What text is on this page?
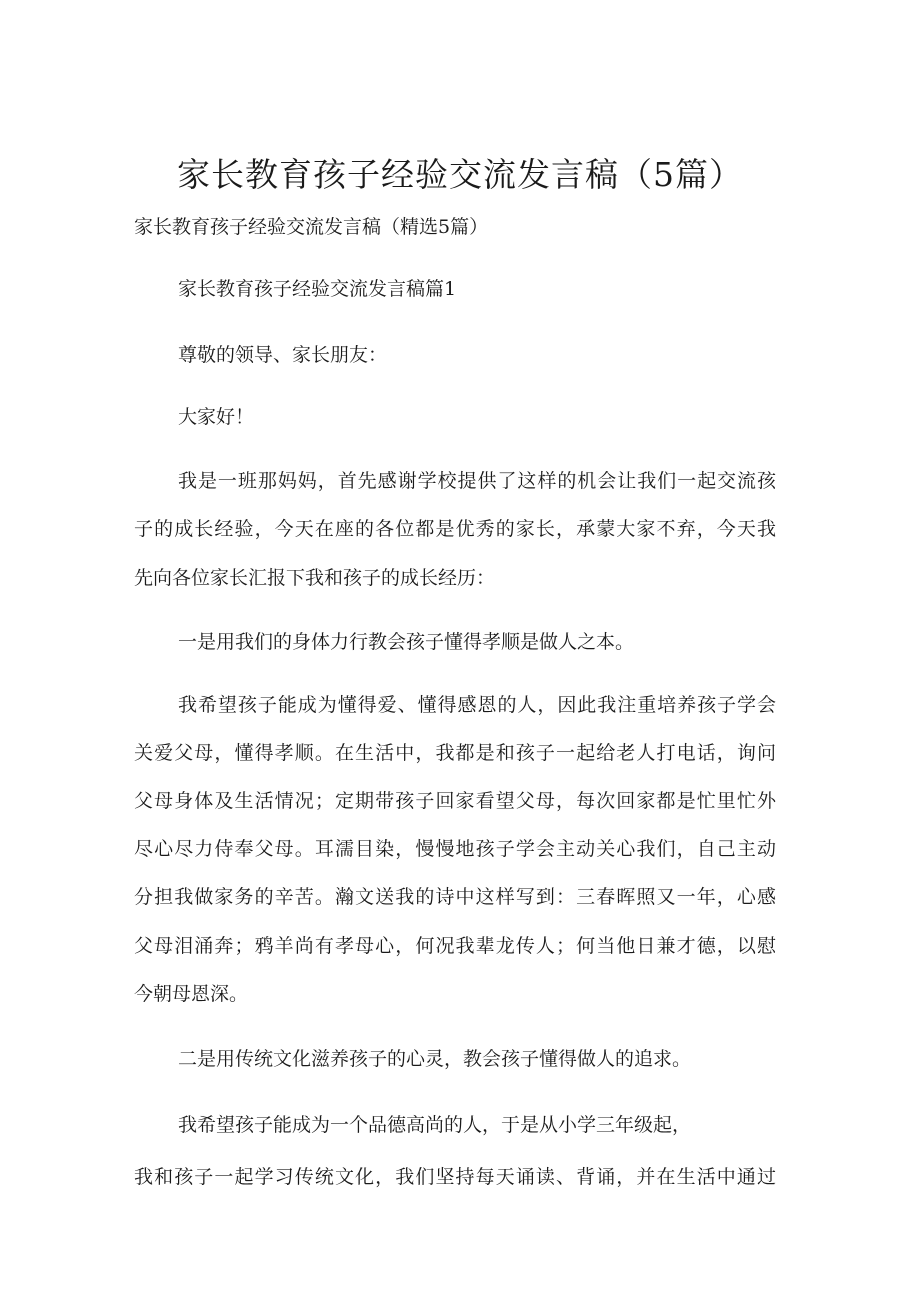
家长教育孩子经验交流发言稿（5篇）

家长教育孩子经验交流发言稿（精选5篇）

家长教育孩子经验交流发言稿篇1

尊敬的领导、家长朋友：

大家好！

我是一班那妈妈，首先感谢学校提供了这样的机会让我们一起交流孩

子的成长经验，今天在座的各位都是优秀的家长，承蒙大家不弃，今天我

先向各位家长汇报下我和孩子的成长经历：

一是用我们的身体力行教会孩子懂得孝顺是做人之本。

我希望孩子能成为懂得爱、懂得感恩的人，因此我注重培养孩子学会

关爱父母，懂得孝顺。在生活中，我都是和孩子一起给老人打电话，询问

父母身体及生活情况；定期带孩子回家看望父母，每次回家都是忙里忙外

尽心尽力侍奉父母。耳濡目染，慢慢地孩子学会主动关心我们，自己主动

分担我做家务的辛苦。瀚文送我的诗中这样写到：三春晖照又一年，心感

父母泪涌奔；鸦羊尚有孝母心，何况我辈龙传人；何当他日兼才德，以慰

今朝母恩深。

二是用传统文化滋养孩子的心灵，教会孩子懂得做人的追求。

我希望孩子能成为一个品德高尚的人，于是从小学三年级起，

我和孩子一起学习传统文化，我们坚持每天诵读、背诵，并在生活中通过
